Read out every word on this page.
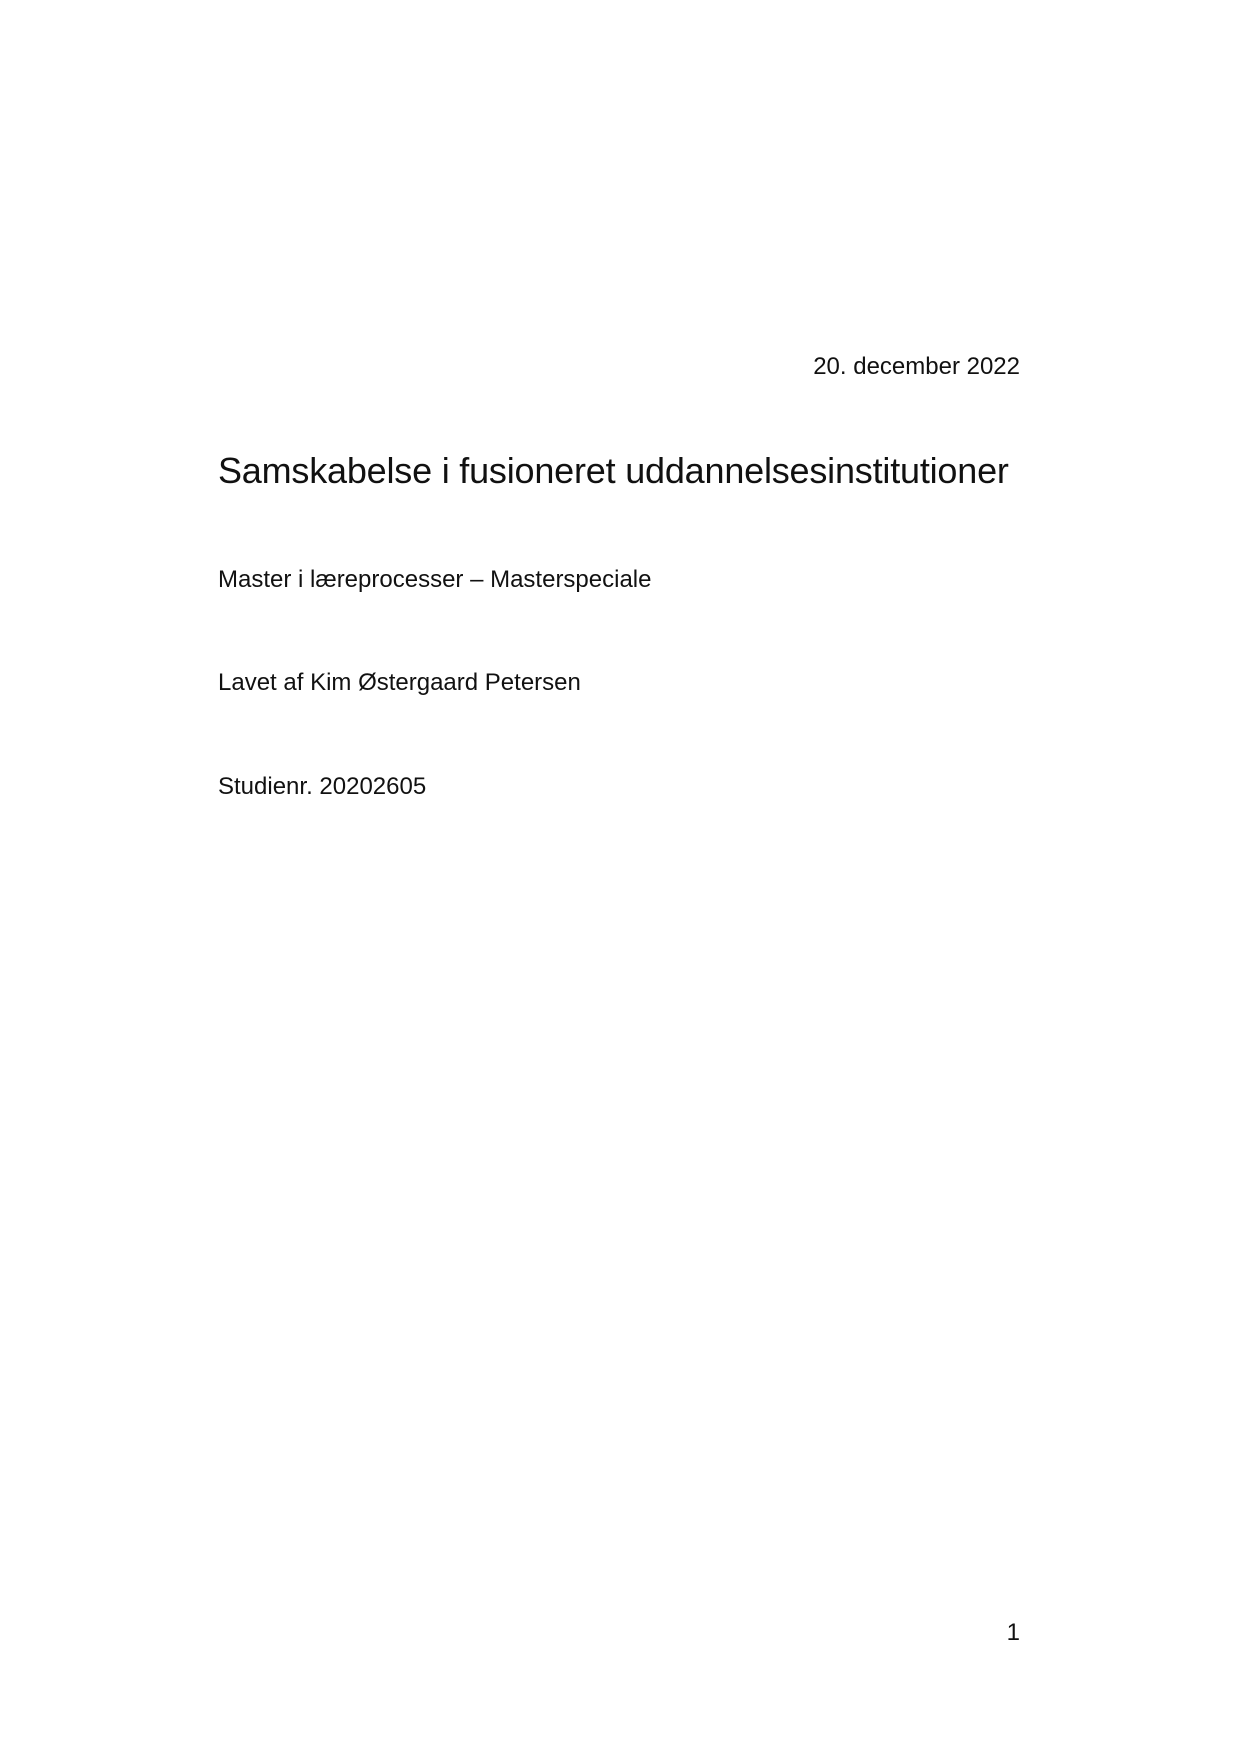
20. december 2022
Samskabelse i fusioneret uddannelsesinstitutioner
Master i læreprocesser – Masterspeciale
Lavet af Kim Østergaard Petersen
Studienr. 20202605
1
